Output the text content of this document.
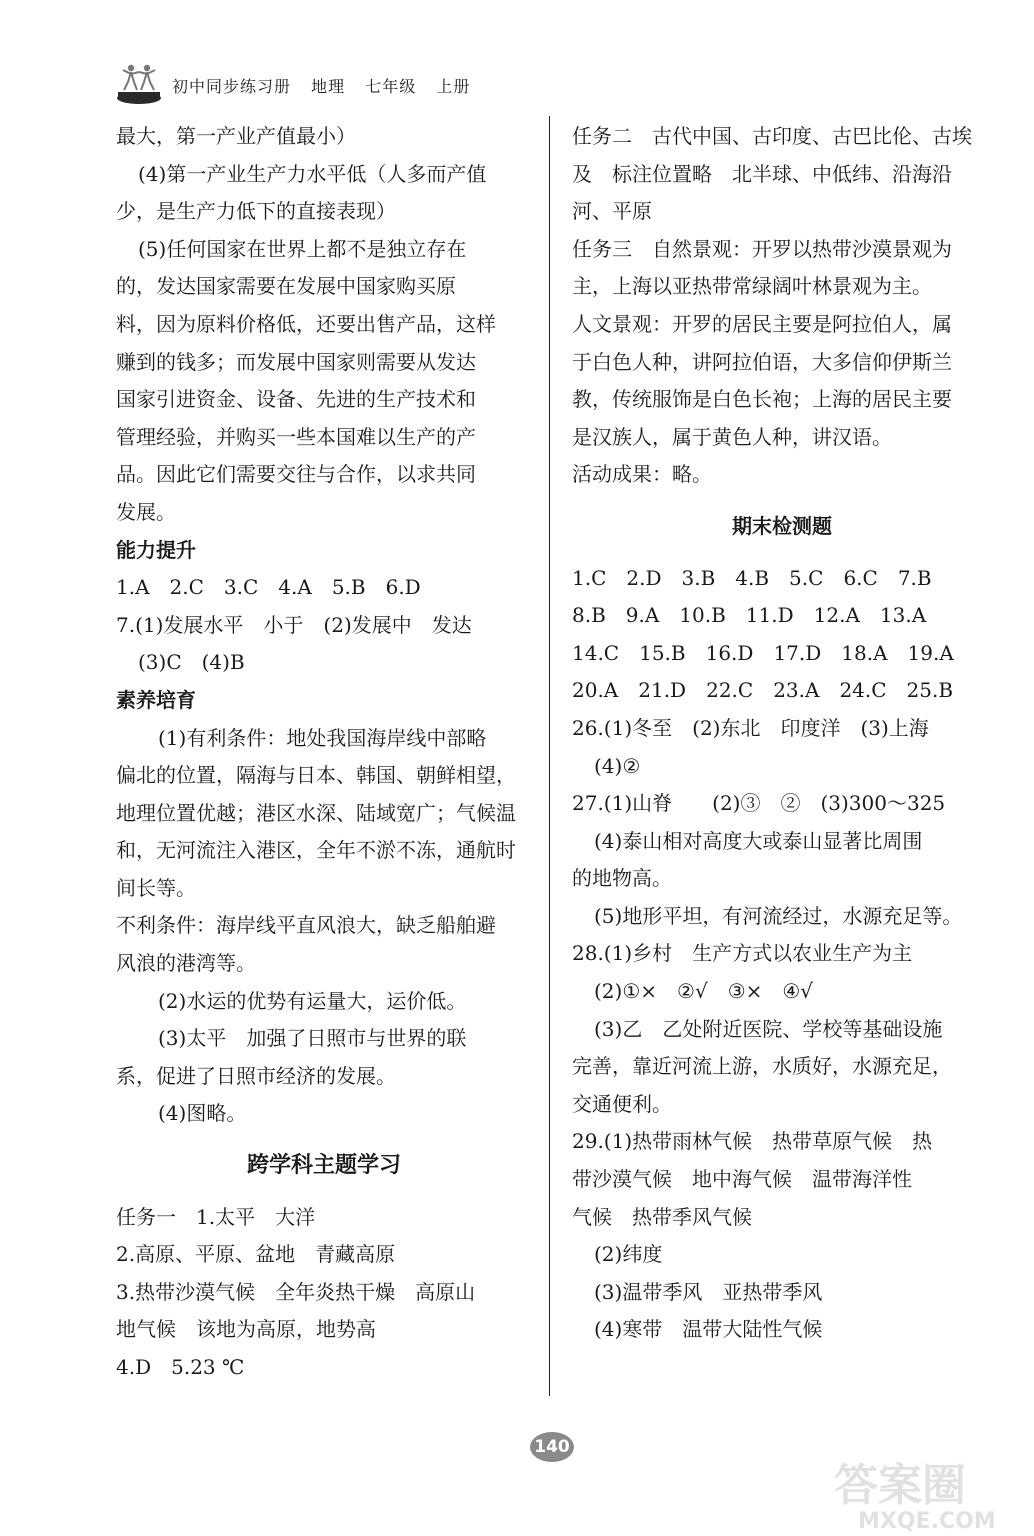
初中同步练习册 地理 七年级 上册
最大，第一产业产值最小）
(4)第一产业生产力水平低（人多而产值
少，是生产力低下的直接表现）
(5)任何国家在世界上都不是独立存在
的，发达国家需要在发展中国家购买原
料，因为原料价格低，还要出售产品，这样
赚到的钱多；而发展中国家则需要从发达
国家引进资金、设备、先进的生产技术和
管理经验，并购买一些本国难以生产的产
品。因此它们需要交往与合作，以求共同
发展。
能力提升
1.A　2.C　3.C　4.A　5.B　6.D
7.(1)发展水平　小于　(2)发展中　发达
(3)C　(4)B
素养培育
(1)有利条件：地处我国海岸线中部略
偏北的位置，隔海与日本、韩国、朝鲜相望，
地理位置优越；港区水深、陆域宽广；气候温
和，无河流注入港区，全年不淤不冻，通航时
间长等。
不利条件：海岸线平直风浪大，缺乏船舶避
风浪的港湾等。
(2)水运的优势有运量大，运价低。
(3)太平　加强了日照市与世界的联
系，促进了日照市经济的发展。
(4)图略。
跨学科主题学习
任务一　1.太平　大洋
2.高原、平原、盆地　青藏高原
3.热带沙漠气候　全年炎热干燥　高原山
地气候　该地为高原，地势高
4.D　5.23 ℃
任务二　古代中国、古印度、古巴比伦、古埃
及　标注位置略　北半球、中低纬、沿海沿
河、平原
任务三　自然景观：开罗以热带沙漠景观为
主，上海以亚热带常绿阔叶林景观为主。
人文景观：开罗的居民主要是阿拉伯人，属
于白色人种，讲阿拉伯语，大多信仰伊斯兰
教，传统服饰是白色长袍；上海的居民主要
是汉族人，属于黄色人种，讲汉语。
活动成果：略。
期末检测题
1.C　2.D　3.B　4.B　5.C　6.C　7.B
8.B　9.A　10.B　11.D　12.A　13.A
14.C　15.B　16.D　17.D　18.A　19.A
20.A　21.D　22.C　23.A　24.C　25.B
26.(1)冬至　(2)东北　印度洋　(3)上海
(4)②
27.(1)山脊　　(2)③　②　(3)300～325
(4)泰山相对高度大或泰山显著比周围
的地物高。
(5)地形平坦，有河流经过，水源充足等。
28.(1)乡村　生产方式以农业生产为主
(2)①×　②√　③×　④√
(3)乙　乙处附近医院、学校等基础设施
完善，靠近河流上游，水质好，水源充足，
交通便利。
29.(1)热带雨林气候　热带草原气候　热
带沙漠气候　地中海气候　温带海洋性
气候　热带季风气候
(2)纬度
(3)温带季风　亚热带季风
(4)寒带　温带大陆性气候
140
答案圈
MXQE.COM
